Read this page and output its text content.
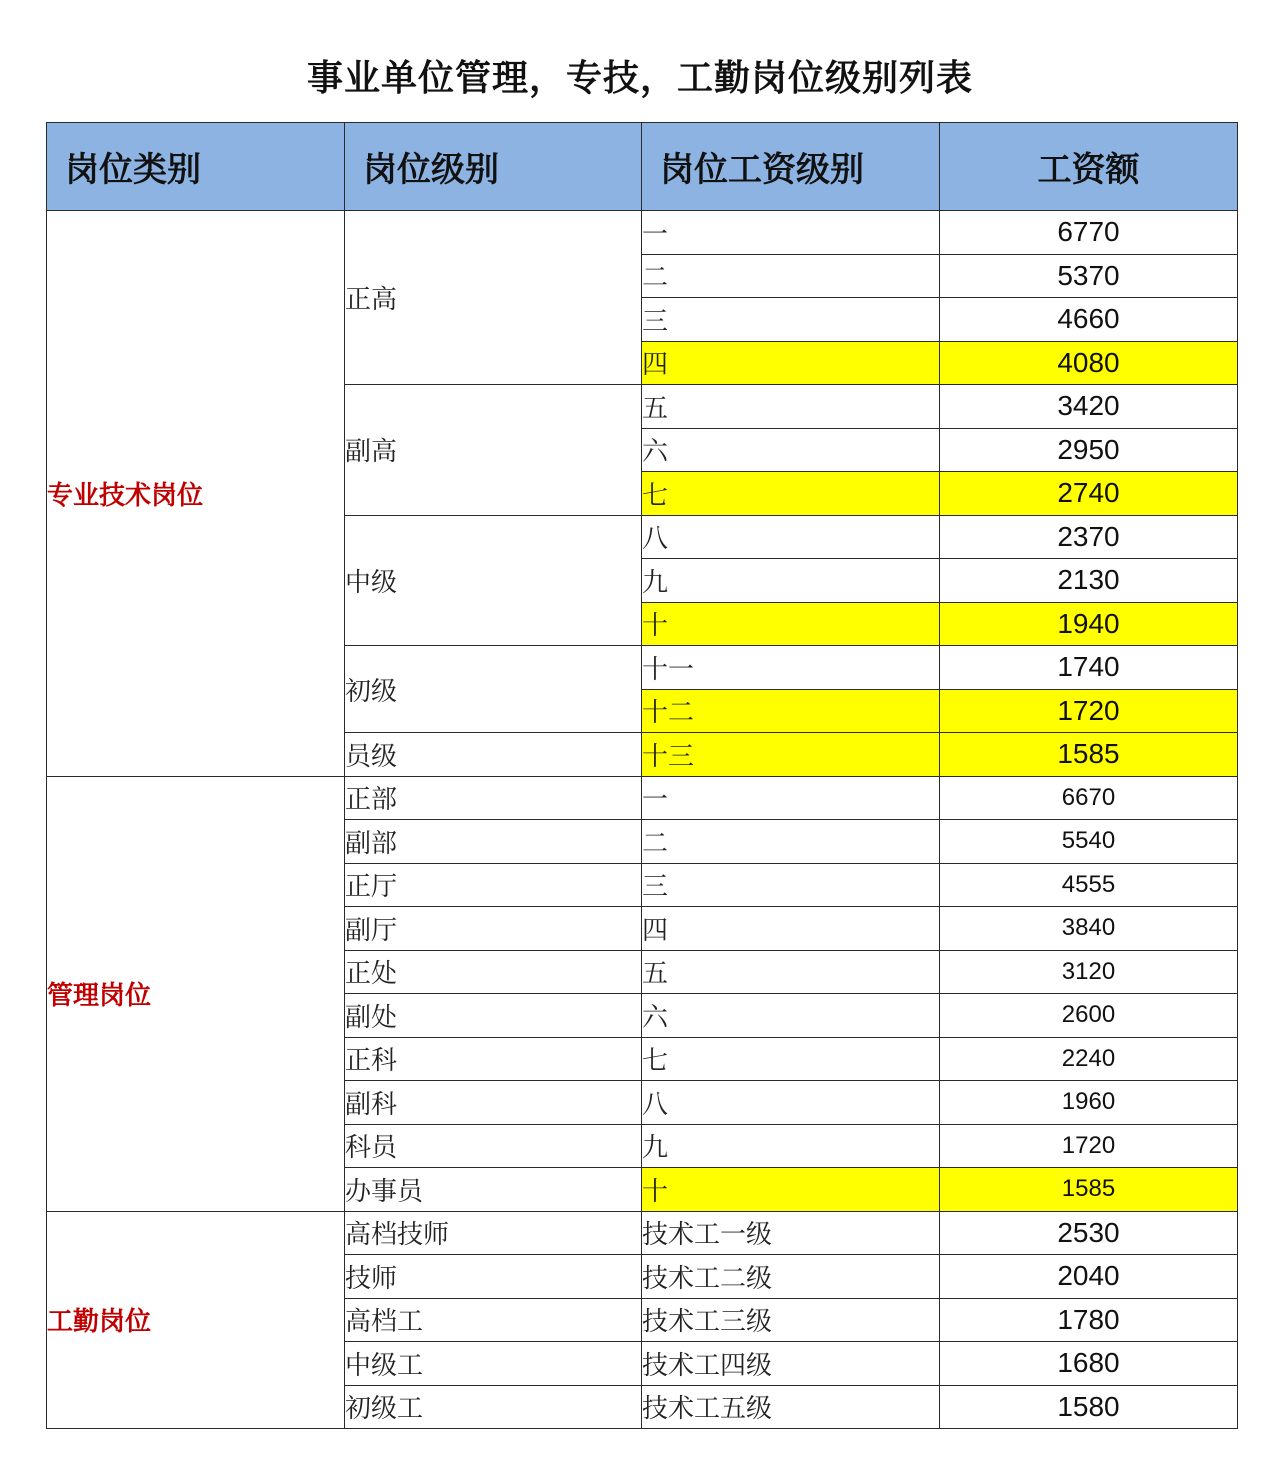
事业单位管理，专技，工勤岗位级别列表
岗位类别	岗位级别	岗位工资级别	工资额
专业技术岗位	正高	一	6770
		二	5370
		三	4660
		四	4080
	副高	五	3420
		六	2950
		七	2740
	中级	八	2370
		九	2130
		十	1940
	初级	十一	1740
		十二	1720
	员级	十三	1585
管理岗位	正部	一	6670
	副部	二	5540
	正厅	三	4555
	副厅	四	3840
	正处	五	3120
	副处	六	2600
	正科	七	2240
	副科	八	1960
	科员	九	1720
	办事员	十	1585
工勤岗位	高档技师	技术工一级	2530
	技师	技术工二级	2040
	高档工	技术工三级	1780
	中级工	技术工四级	1680
	初级工	技术工五级	1580
